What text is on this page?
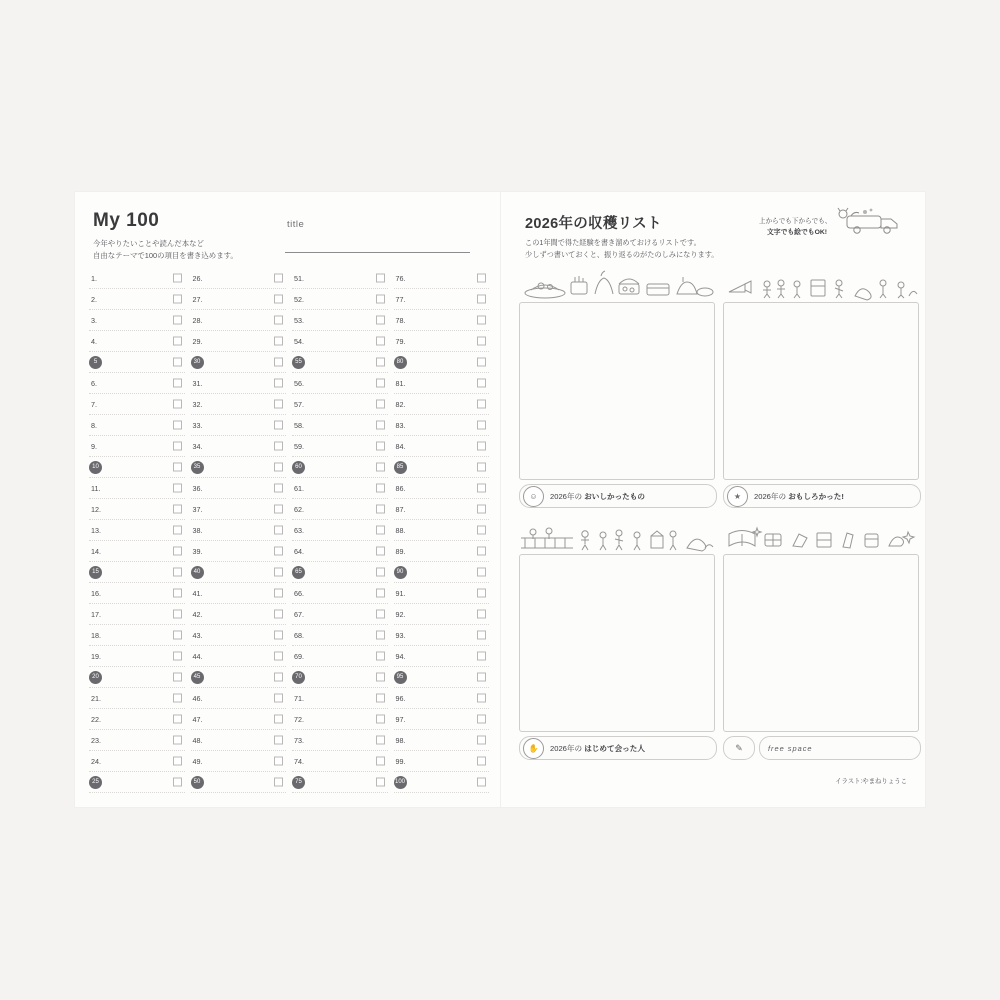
My 100	title
今年やりたいことや読んだ本など
自由なテーマで100の項目を書き込めます。
1.
2.
3.
4.
5
6.
7.
8.
9.
10
11.
12.
13.
14.
15
16.
17.
18.
19.
20
21.
22.
23.
24.
25
26.
27.
28.
29.
30
31.
32.
33.
34.
35
36.
37.
38.
39.
40
41.
42.
43.
44.
45
46.
47.
48.
49.
50
51.
52.
53.
54.
55
56.
57.
58.
59.
60
61.
62.
63.
64.
65
66.
67.
68.
69.
70
71.
72.
73.
74.
75
76.
77.
78.
79.
80
81.
82.
83.
84.
85
86.
87.
88.
89.
90
91.
92.
93.
94.
95
96.
97.
98.
99.
100
2026年の収穫リスト
この1年間で得た経験を書き溜めておけるリストです。
少しずつ書いておくと、振り返るのがたのしみになります。
上からでも下からでも、
文字でも絵でもOK!
☺	2026年の おいしかったもの	★	2026年の おもしろかった!
✋	2026年の はじめて会った人	✎	free space
イラスト:やまねりょうこ
